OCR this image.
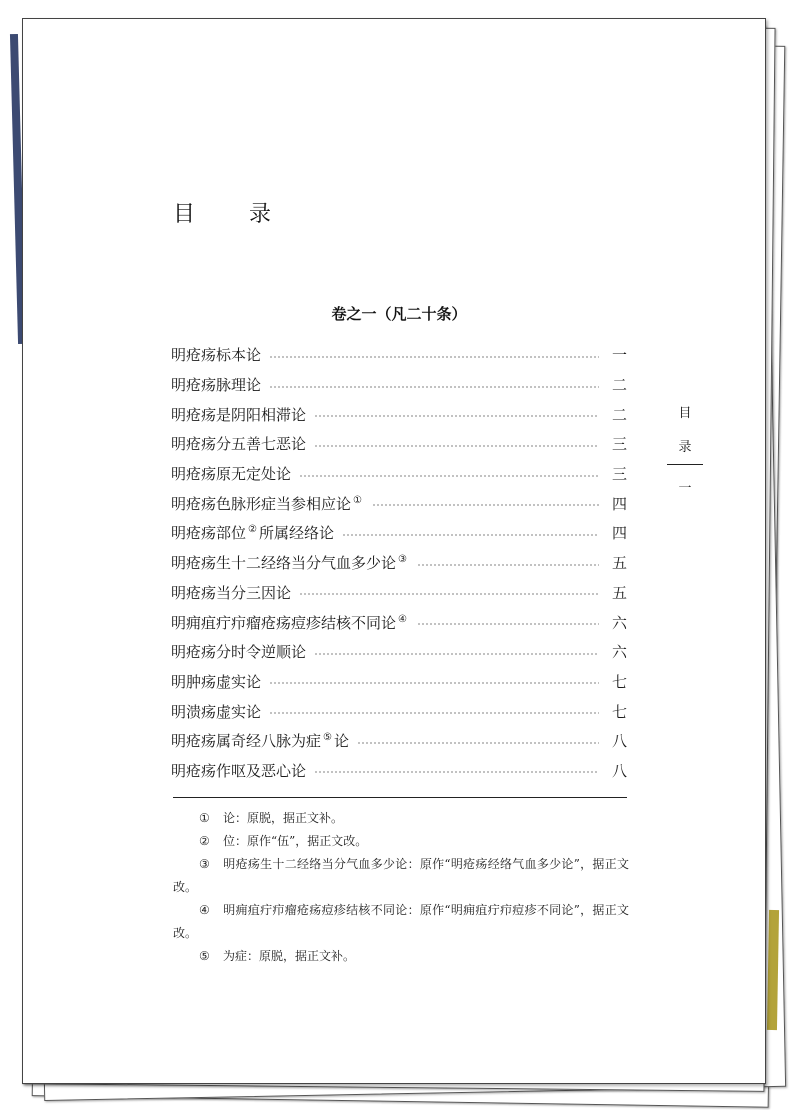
目　录
卷之一（凡二十条）
明疮疡标本论	一
明疮疡脉理论	二
明疮疡是阴阳相滞论	二
明疮疡分五善七恶论	三
明疮疡原无定处论	三
明疮疡色脉形症当参相应论 ①	四
明疮疡部位 ② 所属经络论	四
明疮疡生十二经络当分气血多少论 ③	五
明疮疡当分三因论	五
明痈疽疔疖瘤疮疡痘疹结核不同论 ④	六
明疮疡分时令逆顺论	六
明肿疡虚实论	七
明溃疡虚实论	七
明疮疡属奇经八脉为症 ⑤ 论	八
明疮疡作呕及恶心论	八
目
录
一

① 论：原脱，据正文补。

② 位：原作“伍”，据正文改。

③ 明疮疡生十二经络当分气血多少论：原作“明疮疡经络气血多少论”，据正文改。

④ 明痈疽疔疖瘤疮疡痘疹结核不同论：原作“明痈疽疔疖痘疹不同论”，据正文改。

⑤ 为症：原脱，据正文补。
